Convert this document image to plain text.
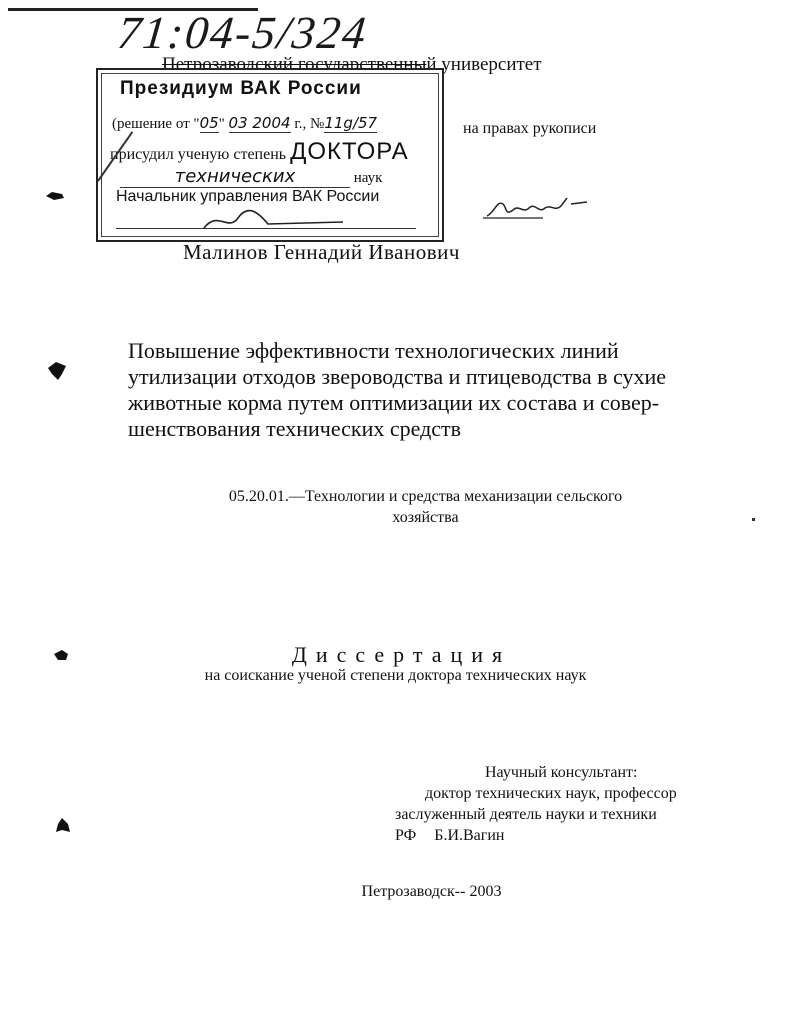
71:04-5/324
Петрозаводский государственный университет
Президиум ВАК России
(решение от "05" 03 2004 г., №11g/57
присудил ученую степень ДОКТОРА
технических	наук
Начальник управления ВАК России
на правах рукописи
Малинов Геннадий Иванович
Повышение эффективности технологических линий
утилизации отходов звероводства и птицеводства в сухие
животные корма путем оптимизации их состава и совер-
шенствования технических средств
05.20.01.—Технологии и средства механизации сельского
хозяйства
Диссертация
на соискание ученой степени доктора технических наук
Научный консультант:
доктор технических наук, профессор
заслуженный деятель науки и техники
РФ Б.И.Вагин
Петрозаводск-- 2003
